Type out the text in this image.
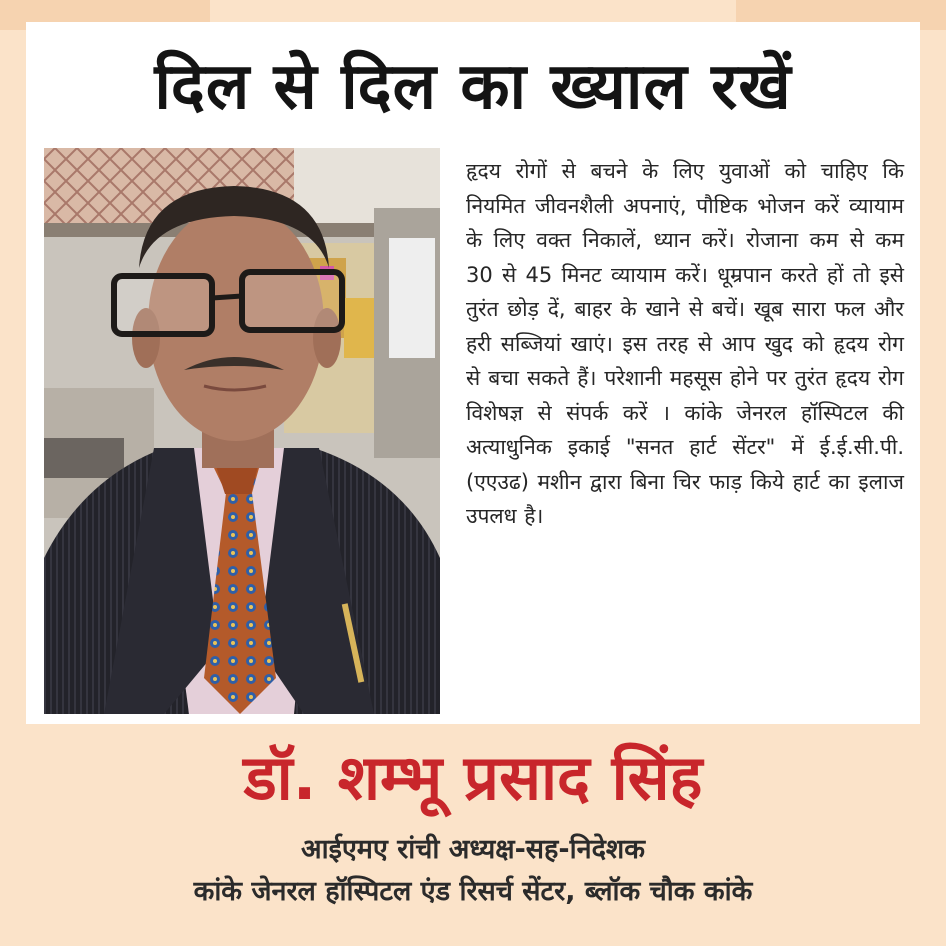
दिल से दिल का ख्याल रखें
हृदय रोगों से बचने के लिए युवाओं को चाहिए कि नियमित जीवनशैली अपनाएं, पौष्टिक भोजन करें व्यायाम के लिए वक्त निकालें, ध्यान करें। रोजाना कम से कम 30 से 45 मिनट व्यायाम करें। धूम्रपान करते हों तो इसे तुरंत छोड़ दें, बाहर के खाने से बचें। खूब सारा फल और हरी सब्जियां खाएं। इस तरह से आप खुद को हृदय रोग से बचा सकते हैं। परेशानी महसूस होने पर तुरंत हृदय रोग विशेषज्ञ से संपर्क करें । कांके जेनरल हॉस्पिटल की अत्याधुनिक इकाई "सनत हार्ट सेंटर" में ई.ई.सी.पी. (एएउढ) मशीन द्वारा बिना चिर फाड़ किये हार्ट का इलाज उपलध है।
डॉ. शम्भू प्रसाद सिंह
आईएमए रांची अध्यक्ष-सह-निदेशक
कांके जेनरल हॉस्पिटल एंड रिसर्च सेंटर, ब्लॉक चौक कांके
